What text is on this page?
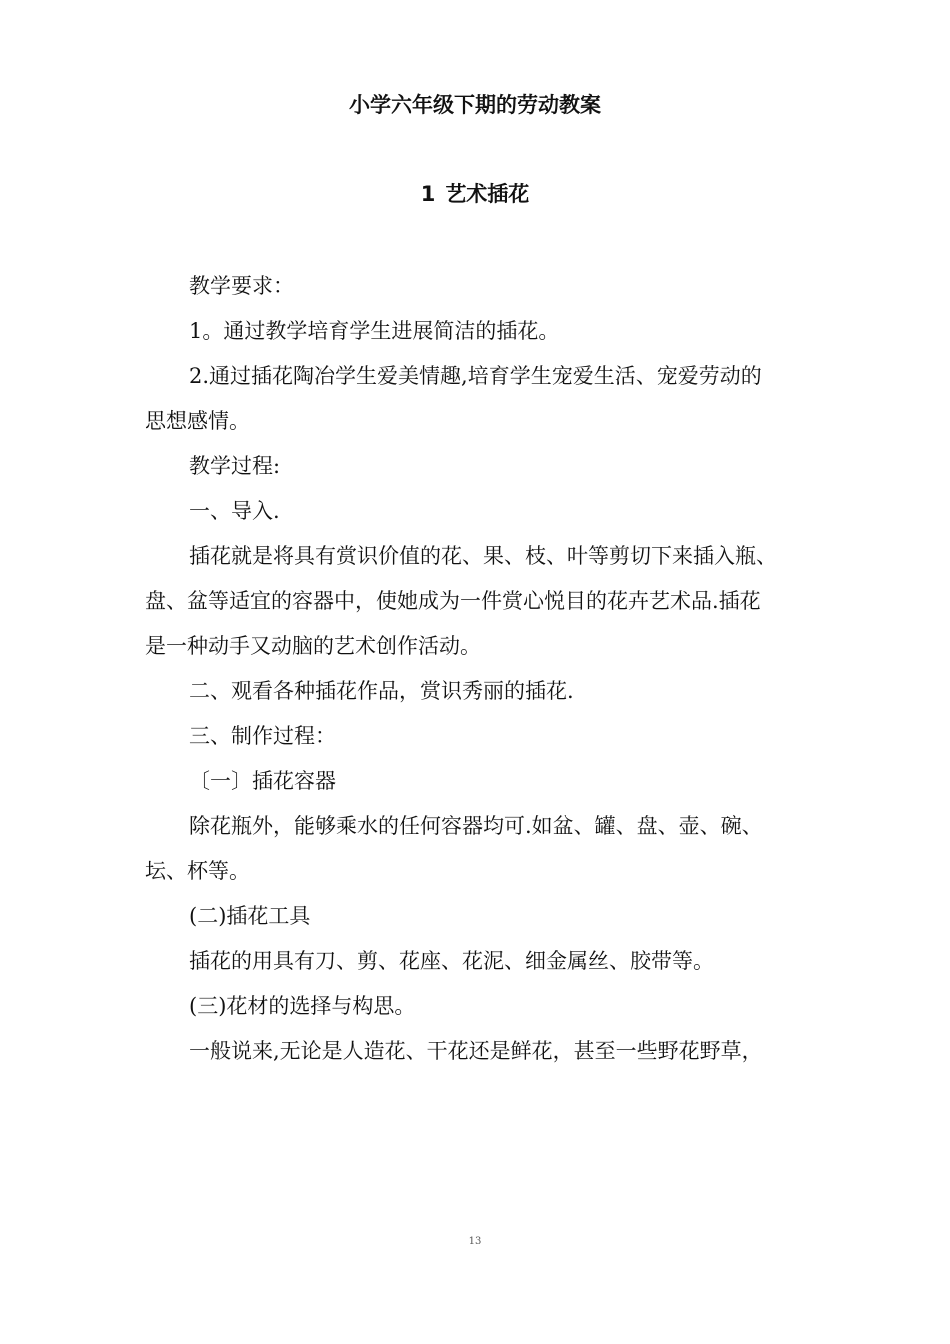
小学六年级下期的劳动教案
1 艺术插花
教学要求：
1。通过教学培育学生进展简洁的插花。
2.通过插花陶冶学生爱美情趣,培育学生宠爱生活、宠爱劳动的
思想感情。
教学过程:
一、导入.
插花就是将具有赏识价值的花、果、枝、叶等剪切下来插入瓶、
盘、盆等适宜的容器中，使她成为一件赏心悦目的花卉艺术品.插花
是一种动手又动脑的艺术创作活动。
二、观看各种插花作品，赏识秀丽的插花.
三、制作过程：
〔一〕插花容器
除花瓶外，能够乘水的任何容器均可.如盆、罐、盘、壶、碗、
坛、杯等。
(二)插花工具
插花的用具有刀、剪、花座、花泥、细金属丝、胶带等。
(三)花材的选择与构思。
一般说来,无论是人造花、干花还是鲜花，甚至一些野花野草，
13
